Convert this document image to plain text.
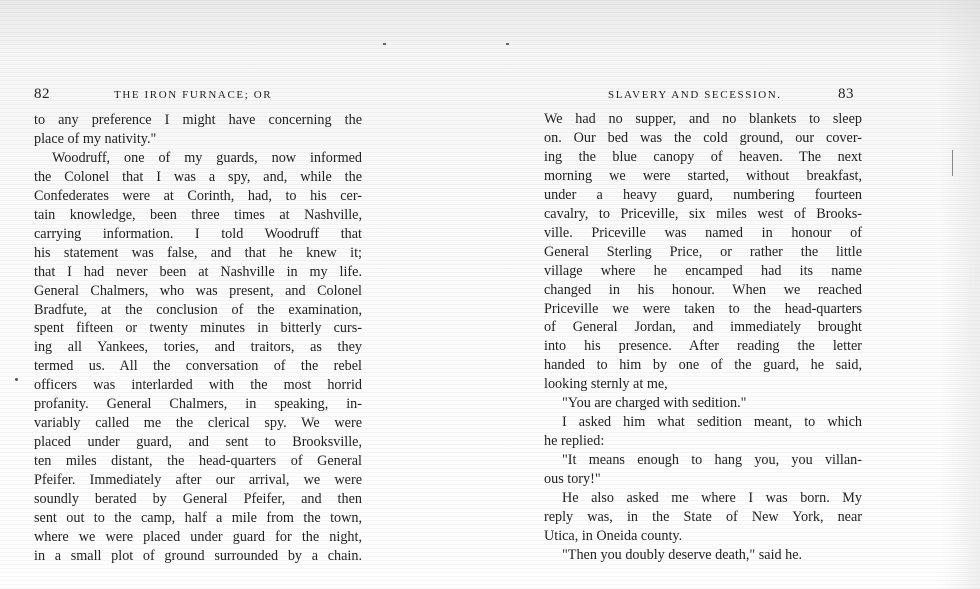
82	THE IRON FURNACE; OR
to any preference I might have concerning the
place of my nativity."
Woodruff, one of my guards, now informed
the Colonel that I was a spy, and, while the
Confederates were at Corinth, had, to his cer-
tain knowledge, been three times at Nashville,
carrying information. I told Woodruff that
his statement was false, and that he knew it;
that I had never been at Nashville in my life.
General Chalmers, who was present, and Colonel
Bradfute, at the conclusion of the examination,
spent fifteen or twenty minutes in bitterly curs-
ing all Yankees, tories, and traitors, as they
termed us. All the conversation of the rebel
officers was interlarded with the most horrid
profanity. General Chalmers, in speaking, in-
variably called me the clerical spy. We were
placed under guard, and sent to Brooksville,
ten miles distant, the head-quarters of General
Pfeifer. Immediately after our arrival, we were
soundly berated by General Pfeifer, and then
sent out to the camp, half a mile from the town,
where we were placed under guard for the night,
in a small plot of ground surrounded by a chain.
SLAVERY AND SECESSION.	83
We had no supper, and no blankets to sleep
on. Our bed was the cold ground, our cover-
ing the blue canopy of heaven. The next
morning we were started, without breakfast,
under a heavy guard, numbering fourteen
cavalry, to Priceville, six miles west of Brooks-
ville. Priceville was named in honour of
General Sterling Price, or rather the little
village where he encamped had its name
changed in his honour. When we reached
Priceville we were taken to the head-quarters
of General Jordan, and immediately brought
into his presence. After reading the letter
handed to him by one of the guard, he said,
looking sternly at me,
"You are charged with sedition."
I asked him what sedition meant, to which
he replied:
"It means enough to hang you, you villan-
ous tory!"
He also asked me where I was born. My
reply was, in the State of New York, near
Utica, in Oneida county.
"Then you doubly deserve death," said he.
